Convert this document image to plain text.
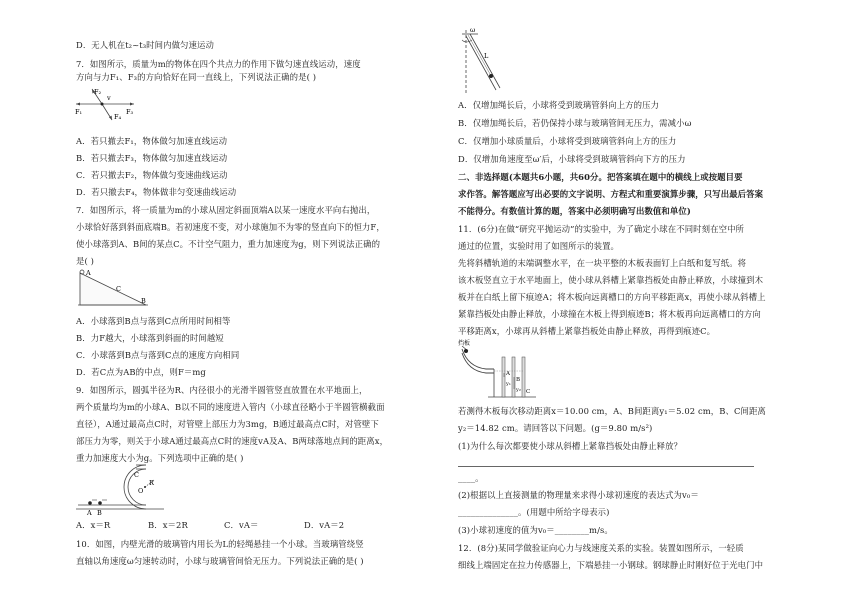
D．无人机在t₂~t₃时间内做匀速运动
7．如图所示，质量为m的物体在四个共点力的作用下做匀速直线运动，速度
方向与力F₁、F₃的方向恰好在同一直线上，下列说法正确的是( )
F₂
v
F₁	F₃
F₄
A．若只撤去F₁，物体做匀加速直线运动
B．若只撤去F₃，物体做匀加速直线运动
C．若只撤去F₂，物体做匀变速曲线运动
D．若只撤去F₄，物体做非匀变速曲线运动
7．如图所示，将一质量为m的小球从固定斜面顶端A以某一速度水平向右抛出，
小球恰好落到斜面底端B。若初速度不变，对小球施加不为零的竖直向下的恒力F，
使小球落到A、B间的某点C。不计空气阻力，重力加速度为g，则下列说法正确的
是( )
A
C
B
A．小球落到B点与落到C点所用时间相等
B．力F越大，小球落到斜面的时间越短
C．小球落到B点与落到C点的速度方向相同
D．若C点为AB的中点，则F＝mg
9．如图所示，圆弧半径为R、内径很小的光滑半圆管竖直放置在水平地面上，
两个质量均为m的小球A、B以不同的速度进入管内（小球直径略小于半圆管横截面
直径），A通过最高点C时，对管壁上部压力为3mg，B通过最高点C时，对管壁下
部压力为零，则关于小球A通过最高点C时的速度vA及A、B两球落地点间的距离x，
重力加速度大小为g。下列选项中正确的是( )
C
O
R
A B
A．x＝R	B．x＝2R	C．vA＝	D．vA＝2
10．如图，内壁光滑的玻璃管内用长为L的轻绳悬挂一个小球。当玻璃管绕竖
直轴以角速度ω匀速转动时，小球与玻璃管间恰无压力。下列说法正确的是( )
ω
L
A．仅增加绳长后，小球将受到玻璃管斜向上方的压力
B．仅增加绳长后，若仍保持小球与玻璃管间无压力，需减小ω
C．仅增加小球质量后，小球将受到玻璃管斜向上方的压力
D．仅增加角速度至ω′后，小球将受到玻璃管斜向下方的压力
二、非选择题(本题共6小题，共60分。把答案填在题中的横线上或按题目要
求作答。解答题应写出必要的文字说明、方程式和重要演算步骤，只写出最后答案
不能得分。有数值计算的题，答案中必须明确写出数值和单位)
11．(6分)在做“研究平抛运动”的实验中，为了确定小球在不同时刻在空中所
通过的位置，实验时用了如图所示的装置。
先将斜槽轨道的末端调整水平，在一块平整的木板表面钉上白纸和复写纸。将
该木板竖直立于水平地面上，使小球从斜槽上紧靠挡板处由静止释放，小球撞到木
板并在白纸上留下痕迹A；将木板向远离槽口的方向平移距离x，再使小球从斜槽上
紧靠挡板处由静止释放，小球撞在木板上得到痕迹B；将木板再向远离槽口的方向
平移距离x，小球再从斜槽上紧靠挡板处由静止释放，再得到痕迹C。
挡板
A
B
C
y₁
y₂
若测得木板每次移动距离x＝10.00 cm，A、B间距离y₁＝5.02 cm，B、C间距离
y₂＝14.82 cm。请回答以下问题。(g＝9.80 m/s²)
(1)为什么每次都要使小球从斜槽上紧靠挡板处由静止释放？
____。
(2)根据以上直接测量的物理量来求得小球初速度的表达式为v₀＝
______________。(用题中所给字母表示)
(3)小球初速度的值为v₀＝________m/s。
12．(8分)某同学做验证向心力与线速度关系的实验。装置如图所示，一轻质
细线上端固定在拉力传感器上，下端悬挂一小钢球。钢球静止时刚好位于光电门中
